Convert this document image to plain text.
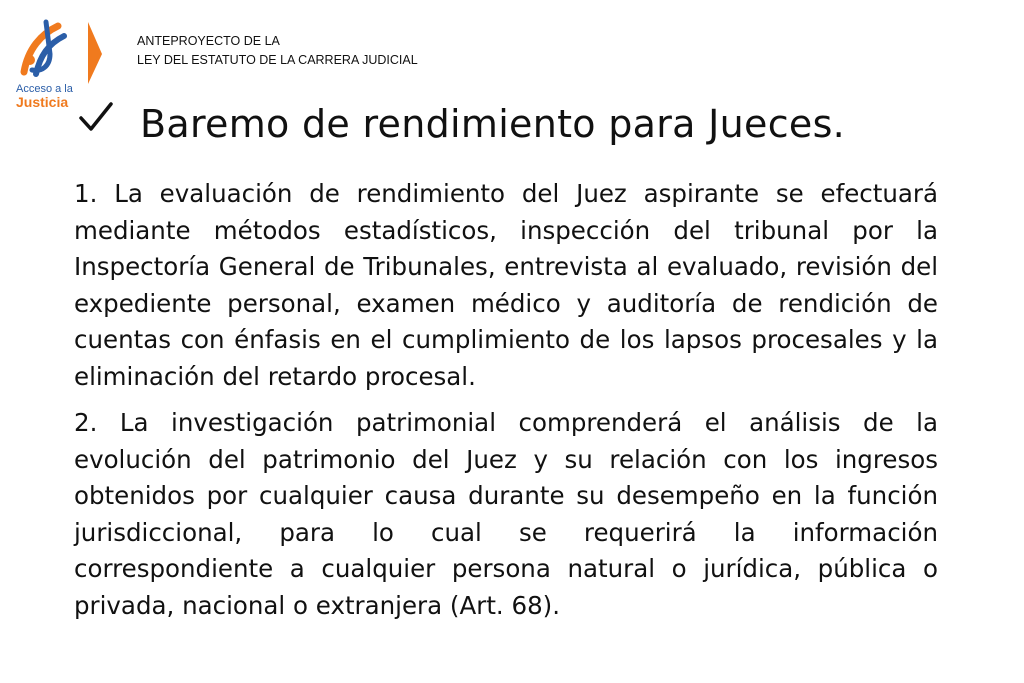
Acceso a la
Justicia
ANTEPROYECTO DE LA
LEY DEL ESTATUTO DE LA CARRERA JUDICIAL
Baremo de rendimiento para Jueces.

1. La evaluación de rendimiento del Juez aspirante se efectuará mediante métodos estadísticos, inspección del tribunal por la Inspectoría General de Tribunales, entrevista al evaluado, revisión del expediente personal, examen médico y auditoría de rendición de cuentas con énfasis en el cumplimiento de los lapsos procesales y la eliminación del retardo procesal.

2. La investigación patrimonial comprenderá el análisis de la evolución del patrimonio del Juez y su relación con los ingresos obtenidos por cualquier causa durante su desempeño en la función jurisdiccional, para lo cual se requerirá la información correspondiente a cualquier persona natural o jurídica, pública o privada, nacional o extranjera (Art. 68).
